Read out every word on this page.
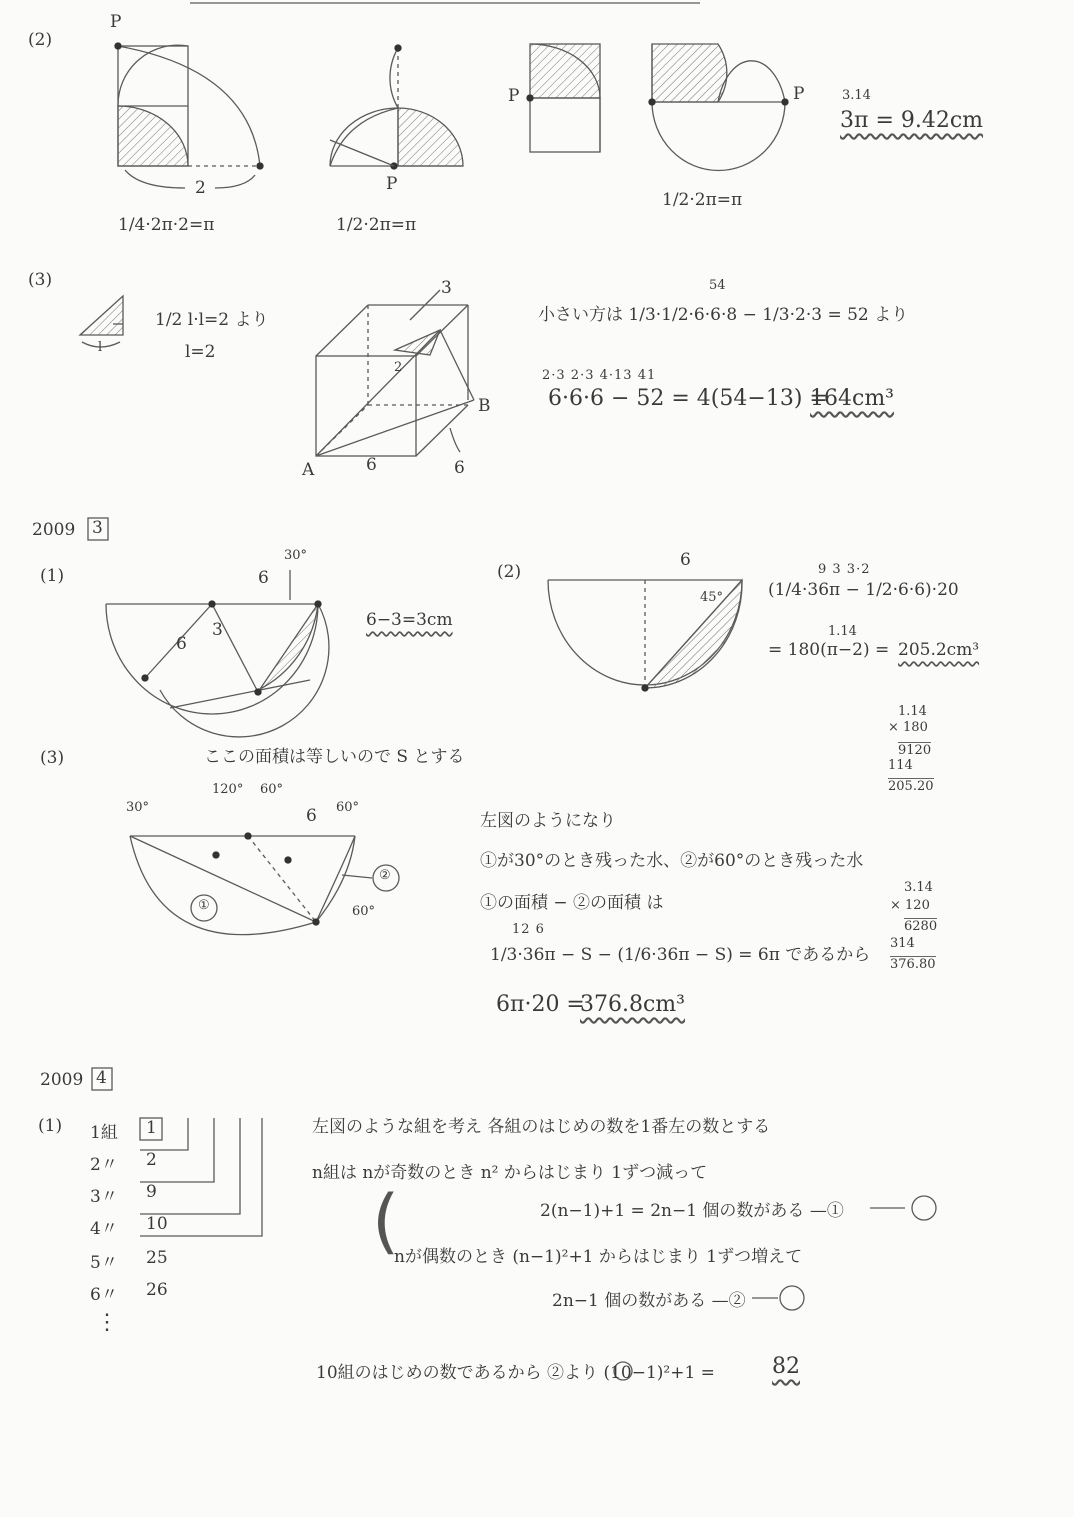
(2)
P
2
1/4·2π·2=π
P
1/2·2π=π
P	P
1/2·2π=π
3.14
3π = 9.42cm
(3)
1/2 l·l=2 より
l=2
l
3
2
6	6
A
B
54
小さい方は 1/3·1/2·6·6·8 − 1/3·2·3 = 52 より
2·3 2·3 4·13 41
6·6·6 − 52 = 4(54−13) =
164cm³
2009 3
(1)
30°
6
3
6
6−3=3cm
(2)
6
45°
9 3 3·2
(1/4·36π − 1/2·6·6)·20
1.14
= 180(π−2) = 205.2cm³
1.14
× 180
9120
114
205.20
(3)	ここの面積は等しいので S とする
30°
120° 60°
60°
60°
6
①
②
左図のようになり
①が30°のとき残った水、②が60°のとき残った水
①の面積 − ②の面積 は
12 6
1/3·36π − S − (1/6·36π − S) = 6π であるから
6π·20 =
376.8cm³
3.14
× 120
6280
314
376.80
2009 4
(1) 1組 1
2〃 2
3〃 9
4〃 10
5〃 25
6〃 26
⋮
左図のような組を考え 各組のはじめの数を1番左の数とする
n組は nが奇数のとき n² からはじまり 1ずつ減って
(	2(n−1)+1 = 2n−1 個の数がある —①
nが偶数のとき (n−1)²+1 からはじまり 1ずつ増えて
2n−1 個の数がある —②
10組のはじめの数であるから ②より (10−1)²+1 =	82
